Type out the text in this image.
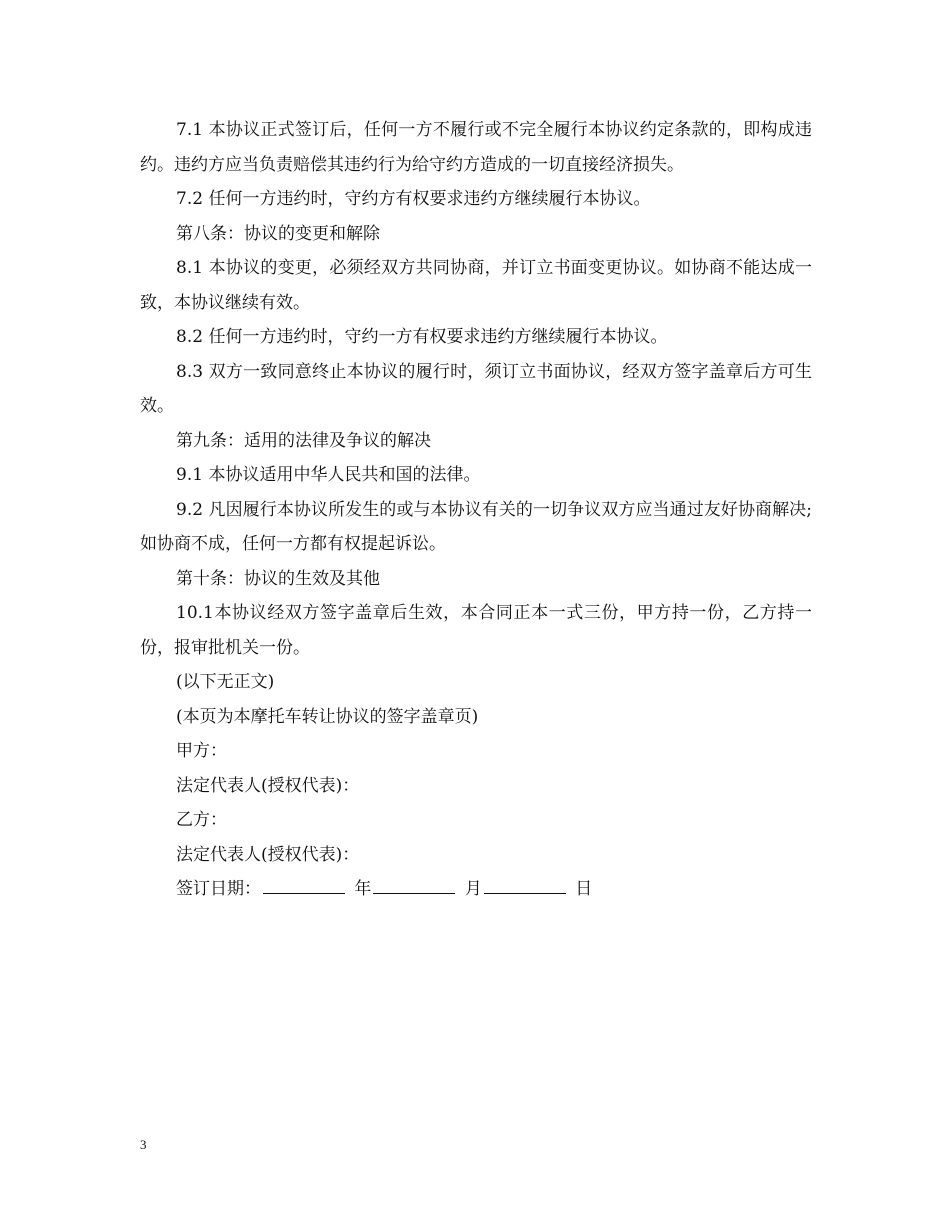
7.1 本协议正式签订后，任何一方不履行或不完全履行本协议约定条款的，即构成违约。违约方应当负责赔偿其违约行为给守约方造成的一切直接经济损失。

7.2 任何一方违约时，守约方有权要求违约方继续履行本协议。

第八条：协议的变更和解除

8.1 本协议的变更，必须经双方共同协商，并订立书面变更协议。如协商不能达成一致，本协议继续有效。

8.2 任何一方违约时，守约一方有权要求违约方继续履行本协议。

8.3 双方一致同意终止本协议的履行时，须订立书面协议，经双方签字盖章后方可生效。

第九条：适用的法律及争议的解决

9.1 本协议适用中华人民共和国的法律。

9.2 凡因履行本协议所发生的或与本协议有关的一切争议双方应当通过友好协商解决;如协商不成，任何一方都有权提起诉讼。

第十条：协议的生效及其他

10.1本协议经双方签字盖章后生效，本合同正本一式三份，甲方持一份，乙方持一份，报审批机关一份。

(以下无正文)

(本页为本摩托车转让协议的签字盖章页)

甲方：

法定代表人(授权代表)：

乙方：

法定代表人(授权代表)：

签订日期：	年	月	日

3
